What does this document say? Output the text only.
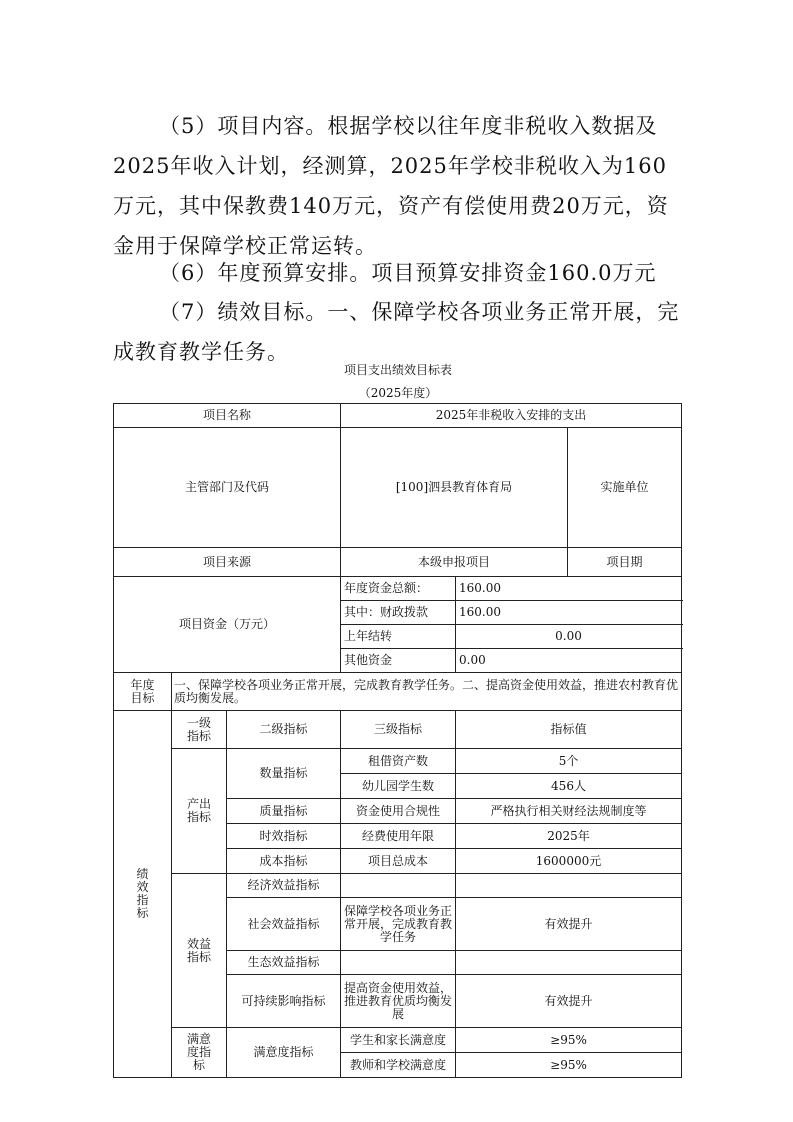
（5）项目内容。根据学校以往年度非税收入数据及2025年收入计划，经测算，2025年学校非税收入为160万元，其中保教费140万元，资产有偿使用费20万元，资金用于保障学校正常运转。

（6）年度预算安排。项目预算安排资金160.0万元

（7）绩效目标。一、保障学校各项业务正常开展，完成教育教学任务。

项目支出绩效目标表

（2025年度）

项目名称			2025年非税收入安排的支出			
主管部门及代码			[100]泗县教育体育局		实施单位	
项目来源			本级申报项目		项目期	
项目资金（万元）			年度资金总额：	160.00		
			其中：财政拨款	160.00		
			上年结转	0.00		
			其他资金	0.00		
年度目标	一、保障学校各项业务正常开展，完成教育教学任务。二、提高资金使用效益，推进农村教育优质均衡发展。					
绩效指标	一级指标	二级指标	三级指标	指标值		
	产出指标	数量指标	租借资产数	5个		
			幼儿园学生数	456人		
		质量指标	资金使用合规性	严格执行相关财经法规制度等		
		时效指标	经费使用年限	2025年		
		成本指标	项目总成本	1600000元		
	效益指标	经济效益指标				
		社会效益指标	保障学校各项业务正常开展，完成教育教学任务	有效提升		
		生态效益指标				
		可持续影响指标	提高资金使用效益，推进教育优质均衡发展	有效提升		
	满意度指标	满意度指标	学生和家长满意度	≥95%		
			教师和学校满意度	≥95%		
